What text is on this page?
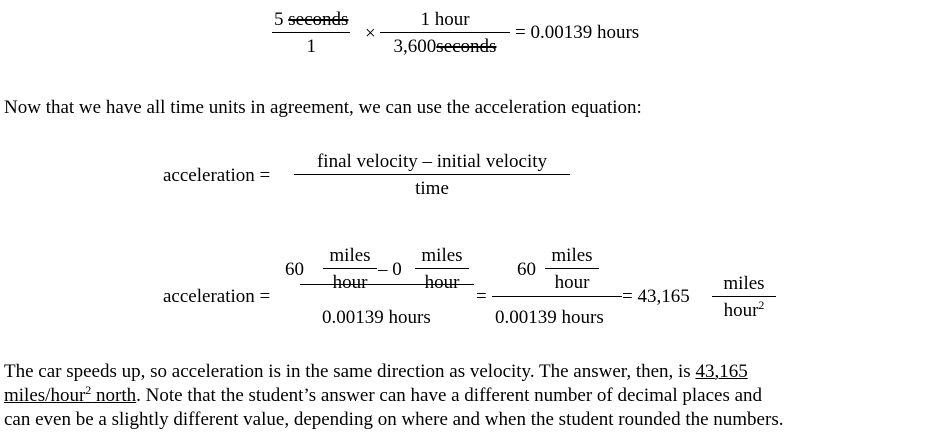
5 seconds
1
×
1 hour
3,600seconds
= 0.00139 hours
Now that we have all time units in agreement, we can use the acceleration equation:
acceleration =
final velocity – initial velocity
time
acceleration =
60
miles
hour
– 0
miles
hour
0.00139 hours
=
60
miles
hour
0.00139 hours
= 43,165
miles
hour$^2$
The car speeds up, so acceleration is in the same direction as velocity. The answer, then, is 43,165
miles/hour$^2$ north. Note that the student’s answer can have a different number of decimal places and
can even be a slightly different value, depending on where and when the student rounded the numbers.
